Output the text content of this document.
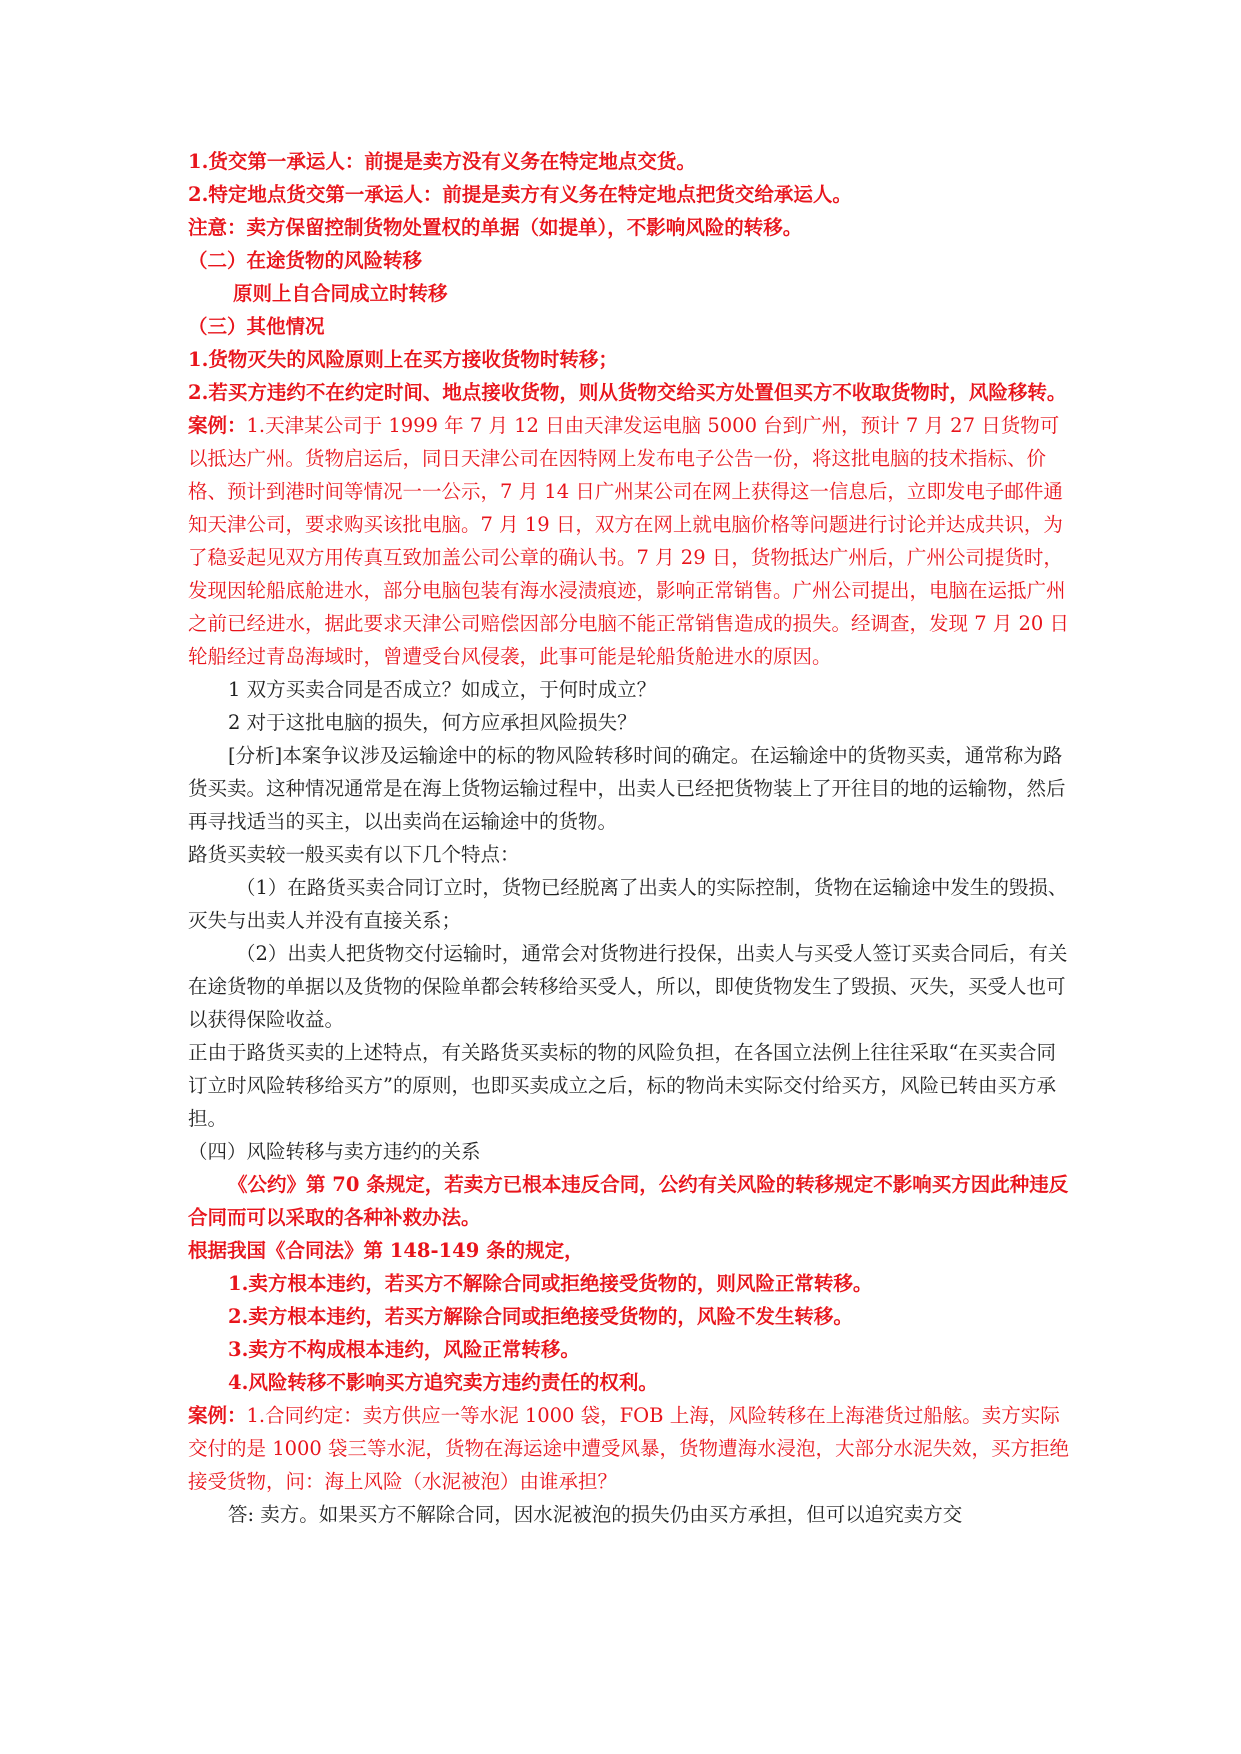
1.货交第一承运人：前提是卖方没有义务在特定地点交货。

2.特定地点货交第一承运人：前提是卖方有义务在特定地点把货交给承运人。

注意：卖方保留控制货物处置权的单据（如提单），不影响风险的转移。

（二）在途货物的风险转移

原则上自合同成立时转移

（三）其他情况

1.货物灭失的风险原则上在买方接收货物时转移；

2.若买方违约不在约定时间、地点接收货物，则从货物交给买方处置但买方不收取货物时，风险移转。

案例：1.天津某公司于 1999 年 7 月 12 日由天津发运电脑 5000 台到广州，预计 7 月 27 日货物可以抵达广州。货物启运后，同日天津公司在因特网上发布电子公告一份，将这批电脑的技术指标、价格、预计到港时间等情况一一公示，7 月 14 日广州某公司在网上获得这一信息后，立即发电子邮件通知天津公司，要求购买该批电脑。7 月 19 日，双方在网上就电脑价格等问题进行讨论并达成共识，为了稳妥起见双方用传真互致加盖公司公章的确认书。7 月 29 日，货物抵达广州后，广州公司提货时，发现因轮船底舱进水，部分电脑包装有海水浸渍痕迹，影响正常销售。广州公司提出，电脑在运抵广州之前已经进水，据此要求天津公司赔偿因部分电脑不能正常销售造成的损失。经调查，发现 7 月 20 日轮船经过青岛海域时，曾遭受台风侵袭，此事可能是轮船货舱进水的原因。

1 双方买卖合同是否成立？如成立，于何时成立？

2 对于这批电脑的损失，何方应承担风险损失？

[分析]本案争议涉及运输途中的标的物风险转移时间的确定。在运输途中的货物买卖，通常称为路货买卖。这种情况通常是在海上货物运输过程中，出卖人已经把货物装上了开往目的地的运输物，然后再寻找适当的买主，以出卖尚在运输途中的货物。

路货买卖较一般买卖有以下几个特点：

（1）在路货买卖合同订立时，货物已经脱离了出卖人的实际控制，货物在运输途中发生的毁损、灭失与出卖人并没有直接关系；

（2）出卖人把货物交付运输时，通常会对货物进行投保，出卖人与买受人签订买卖合同后，有关在途货物的单据以及货物的保险单都会转移给买受人，所以，即使货物发生了毁损、灭失，买受人也可以获得保险收益。

正由于路货买卖的上述特点，有关路货买卖标的物的风险负担，在各国立法例上往往采取“在买卖合同订立时风险转移给买方”的原则，也即买卖成立之后，标的物尚未实际交付给买方，风险已转由买方承担。

（四）风险转移与卖方违约的关系

《公约》第 70 条规定，若卖方已根本违反合同，公约有关风险的转移规定不影响买方因此种违反合同而可以采取的各种补救办法。

根据我国《合同法》第 148-149 条的规定，

1.卖方根本违约，若买方不解除合同或拒绝接受货物的，则风险正常转移。

2.卖方根本违约，若买方解除合同或拒绝接受货物的，风险不发生转移。

3.卖方不构成根本违约，风险正常转移。

4.风险转移不影响买方追究卖方违约责任的权利。

案例：1.合同约定：卖方供应一等水泥 1000 袋，FOB 上海，风险转移在上海港货过船舷。卖方实际交付的是 1000 袋三等水泥，货物在海运途中遭受风暴，货物遭海水浸泡，大部分水泥失效，买方拒绝接受货物，问：海上风险（水泥被泡）由谁承担？

答: 卖方。如果买方不解除合同，因水泥被泡的损失仍由买方承担，但可以追究卖方交
